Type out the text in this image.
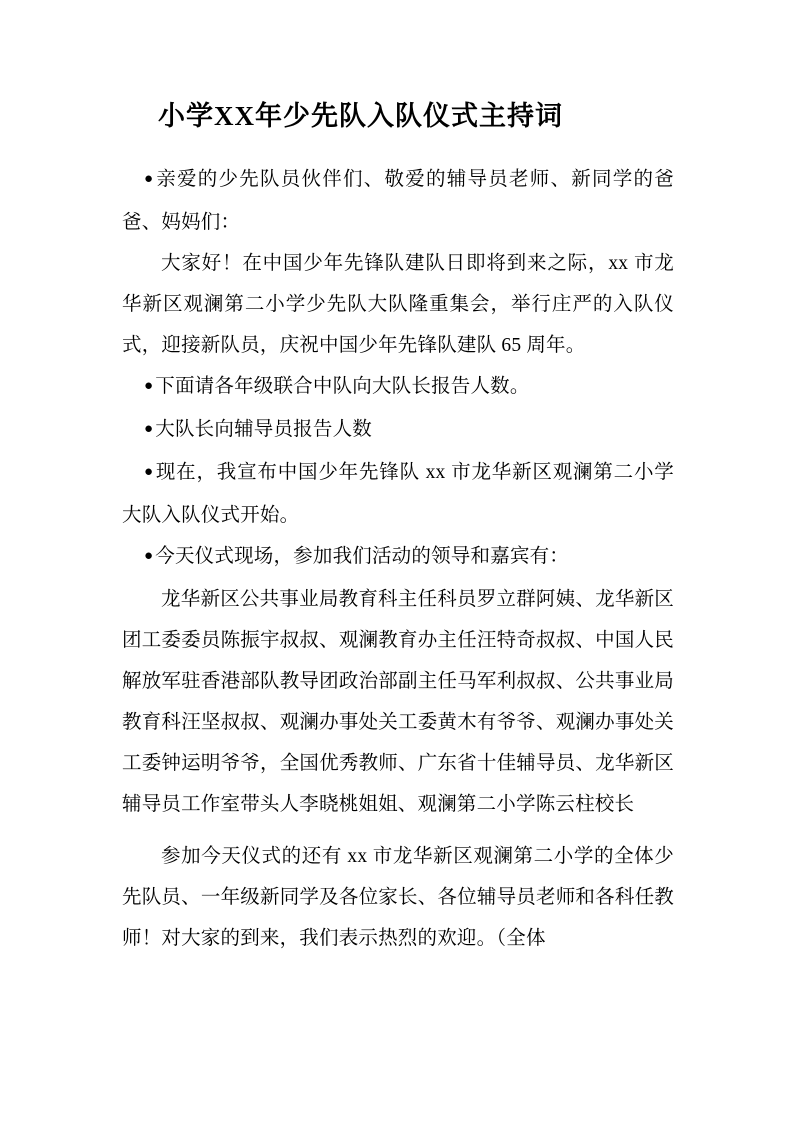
小学XX年少先队入队仪式主持词

● 亲爱的少先队员伙伴们、敬爱的辅导员老师、新同学的爸爸、妈妈们：

大家好！在中国少年先锋队建队日即将到来之际，xx 市龙华新区观澜第二小学少先队大队隆重集会，举行庄严的入队仪式，迎接新队员，庆祝中国少年先锋队建队 65 周年。

● 下面请各年级联合中队向大队长报告人数。

● 大队长向辅导员报告人数

● 现在，我宣布中国少年先锋队 xx 市龙华新区观澜第二小学大队入队仪式开始。

● 今天仪式现场，参加我们活动的领导和嘉宾有：

龙华新区公共事业局教育科主任科员罗立群阿姨、龙华新区团工委委员陈振宇叔叔、观澜教育办主任汪特奇叔叔、中国人民解放军驻香港部队教导团政治部副主任马军利叔叔、公共事业局教育科汪坚叔叔、观澜办事处关工委黄木有爷爷、观澜办事处关工委钟运明爷爷，全国优秀教师、广东省十佳辅导员、龙华新区辅导员工作室带头人李晓桃姐姐、观澜第二小学陈云柱校长

参加今天仪式的还有 xx 市龙华新区观澜第二小学的全体少先队员、一年级新同学及各位家长、各位辅导员老师和各科任教师！对大家的到来，我们表示热烈的欢迎。（全体
